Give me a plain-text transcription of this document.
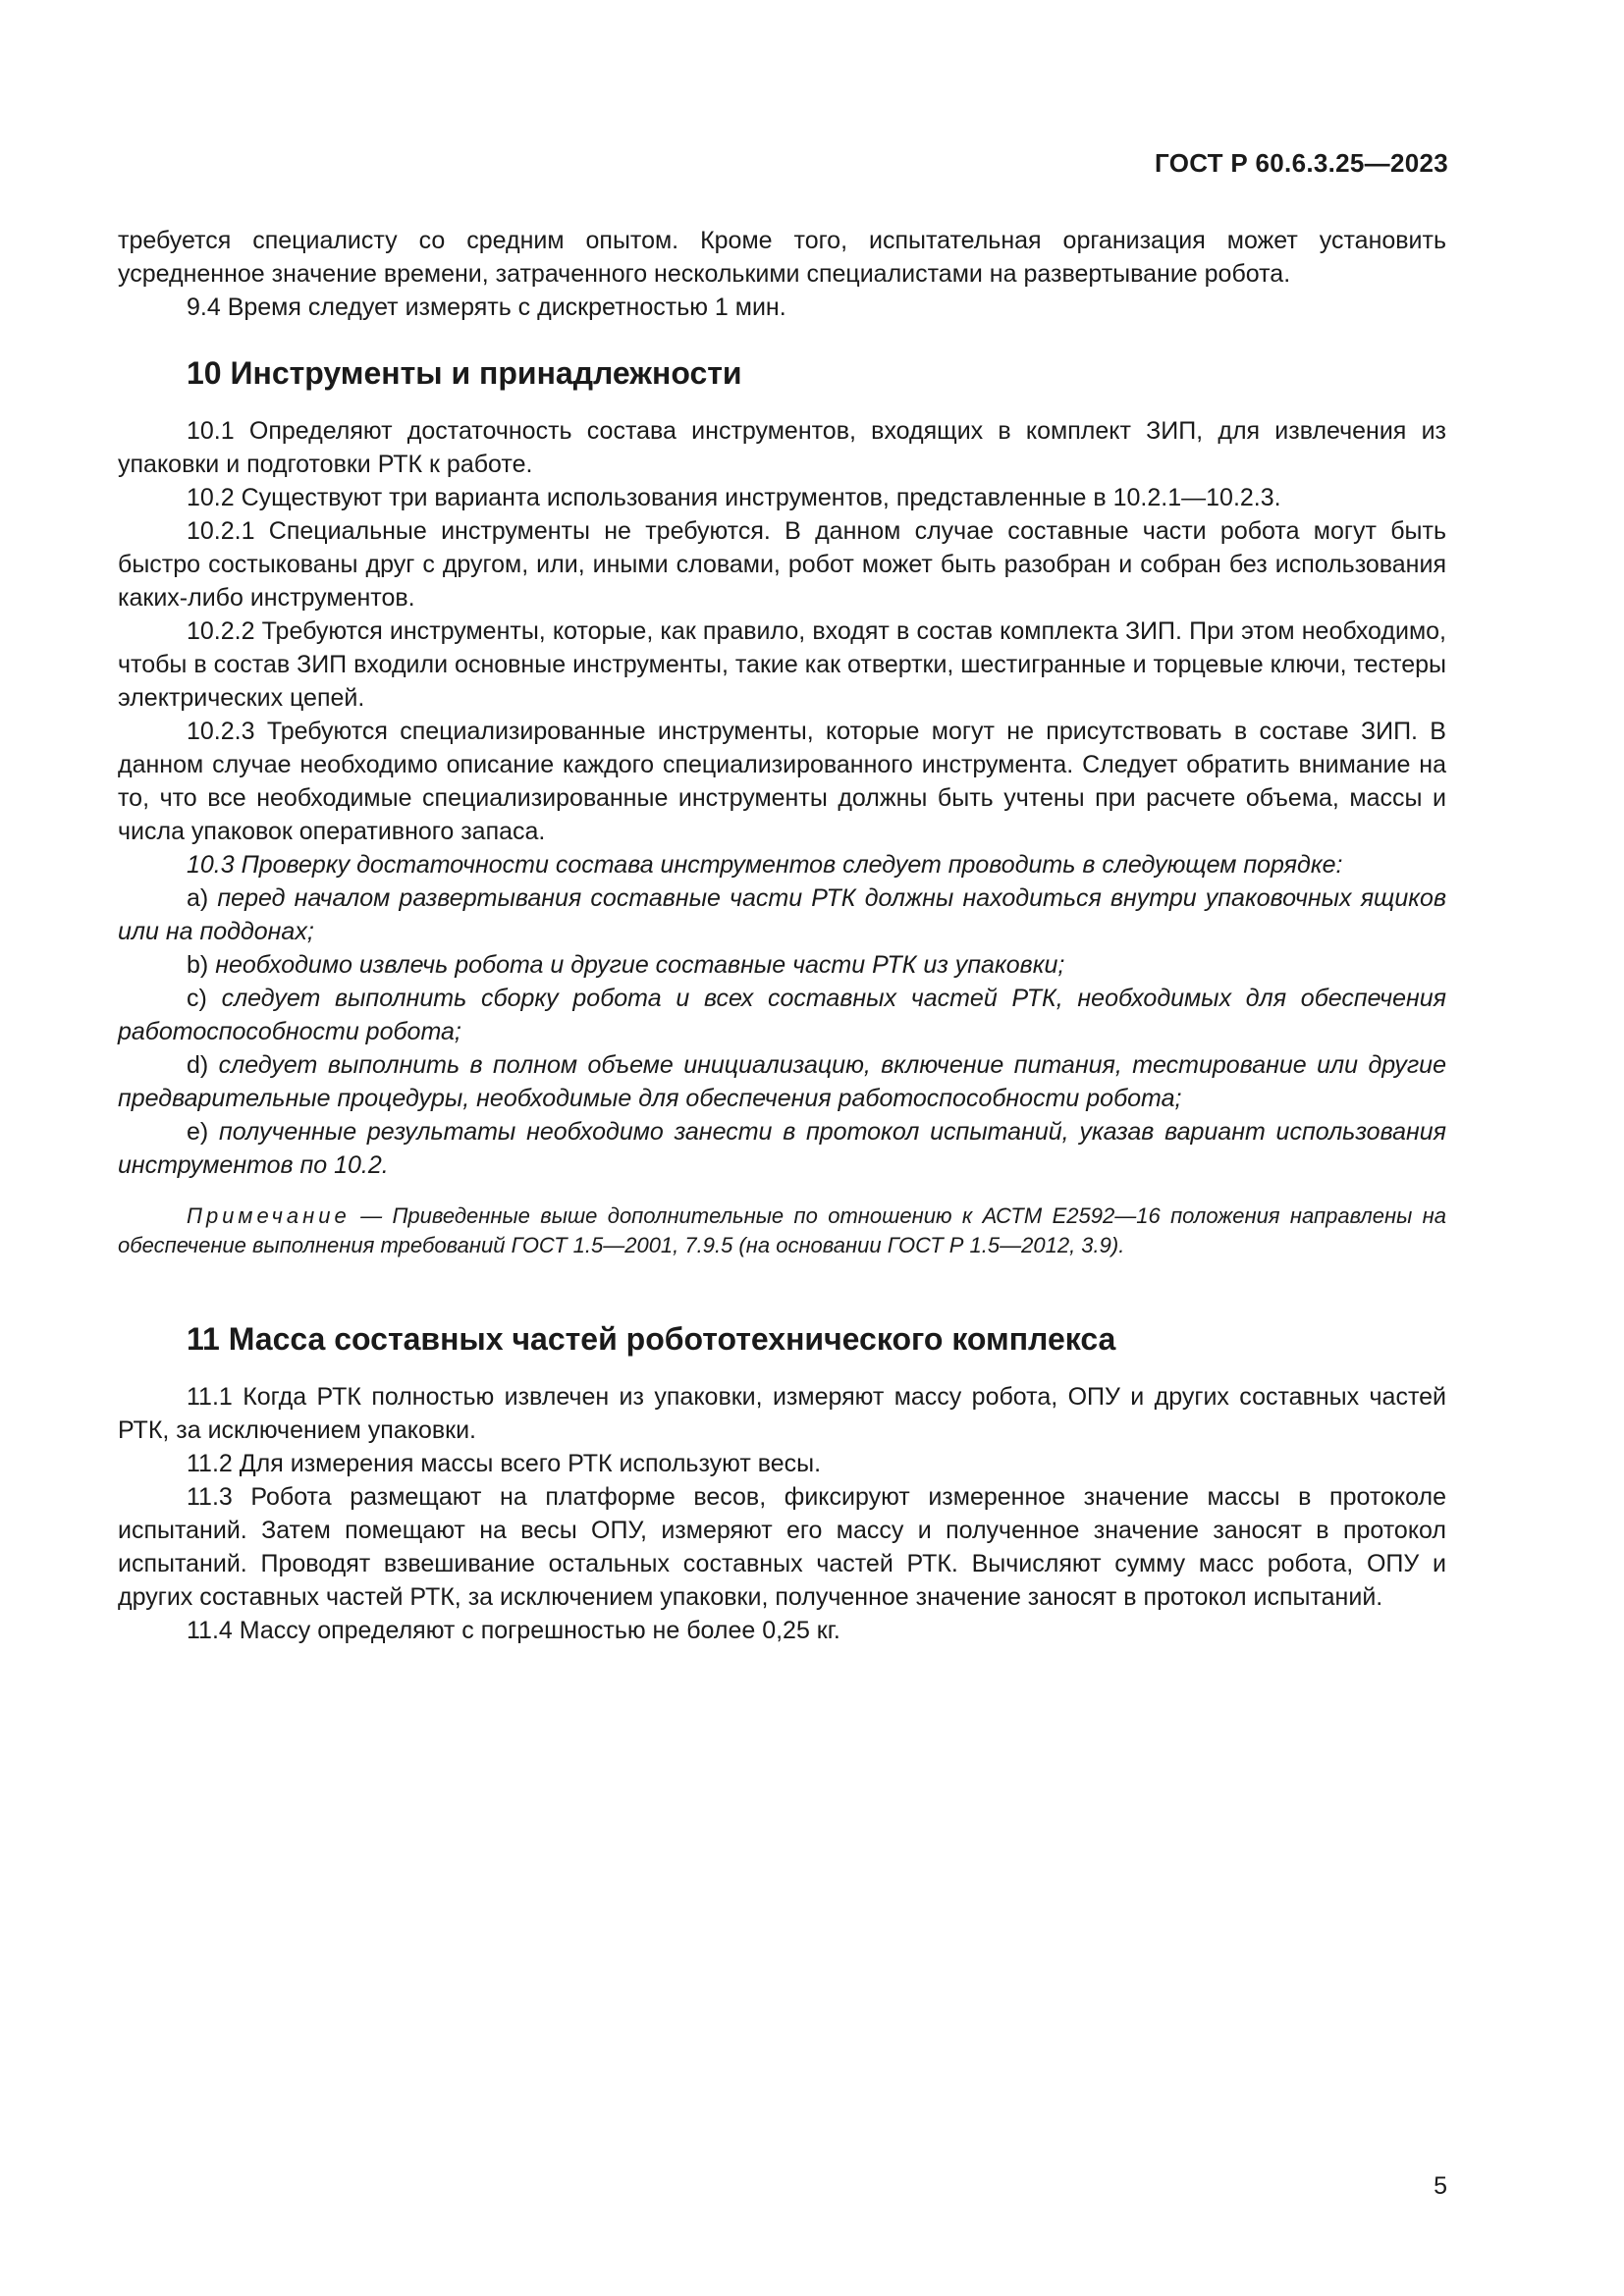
ГОСТ Р 60.6.3.25—2023

требуется специалисту со средним опытом. Кроме того, испытательная организация может установить усредненное значение времени, затраченного несколькими специалистами на развертывание робота.

9.4 Время следует измерять с дискретностью 1 мин.

10 Инструменты и принадлежности

10.1 Определяют достаточность состава инструментов, входящих в комплект ЗИП, для извлечения из упаковки и подготовки РТК к работе.

10.2 Существуют три варианта использования инструментов, представленные в 10.2.1—10.2.3.

10.2.1 Специальные инструменты не требуются. В данном случае составные части робота могут быть быстро состыкованы друг с другом, или, иными словами, робот может быть разобран и собран без использования каких-либо инструментов.

10.2.2 Требуются инструменты, которые, как правило, входят в состав комплекта ЗИП. При этом необходимо, чтобы в состав ЗИП входили основные инструменты, такие как отвертки, шестигранные и торцевые ключи, тестеры электрических цепей.

10.2.3 Требуются специализированные инструменты, которые могут не присутствовать в составе ЗИП. В данном случае необходимо описание каждого специализированного инструмента. Следует обратить внимание на то, что все необходимые специализированные инструменты должны быть учтены при расчете объема, массы и числа упаковок оперативного запаса.

10.3 Проверку достаточности состава инструментов следует проводить в следующем порядке:

a) перед началом развертывания составные части РТК должны находиться внутри упаковочных ящиков или на поддонах;

b) необходимо извлечь робота и другие составные части РТК из упаковки;

c) следует выполнить сборку робота и всех составных частей РТК, необходимых для обеспечения работоспособности робота;

d) следует выполнить в полном объеме инициализацию, включение питания, тестирование или другие предварительные процедуры, необходимые для обеспечения работоспособности робота;

e) полученные результаты необходимо занести в протокол испытаний, указав вариант использования инструментов по 10.2.

Примечание — Приведенные выше дополнительные по отношению к АСТМ Е2592—16 положения направлены на обеспечение выполнения требований ГОСТ 1.5—2001, 7.9.5 (на основании ГОСТ Р 1.5—2012, 3.9).

11 Масса составных частей робототехнического комплекса

11.1 Когда РТК полностью извлечен из упаковки, измеряют массу робота, ОПУ и других составных частей РТК, за исключением упаковки.

11.2 Для измерения массы всего РТК используют весы.

11.3 Робота размещают на платформе весов, фиксируют измеренное значение массы в протоколе испытаний. Затем помещают на весы ОПУ, измеряют его массу и полученное значение заносят в протокол испытаний. Проводят взвешивание остальных составных частей РТК. Вычисляют сумму масс робота, ОПУ и других составных частей РТК, за исключением упаковки, полученное значение заносят в протокол испытаний.

11.4 Массу определяют с погрешностью не более 0,25 кг.

5
